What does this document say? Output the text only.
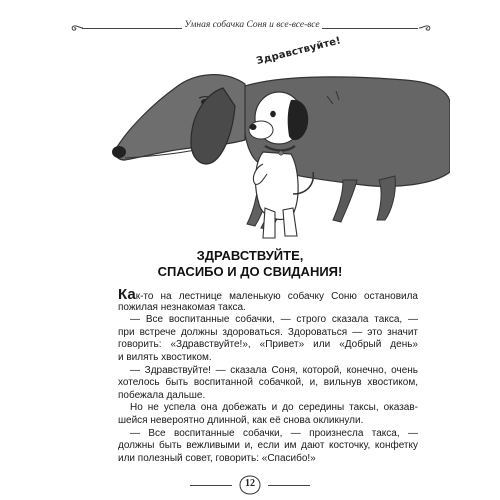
Умная собачка Соня и все-все-все
Здравствуйте!
ЗДРАВСТВУЙТЕ,
СПАСИБО И ДО СВИДАНИЯ!
Как-то на лестнице маленькую собачку Соню остановила
пожилая незнакомая такса.
— Все воспитанные собачки, — строго сказала такса, —
при встрече должны здороваться. Здороваться — это значит
говорить: «Здравствуйте!», «Привет» или «Добрый день»
и вилять хвостиком.
— Здравствуйте! — сказала Соня, которой, конечно, очень
хотелось быть воспитанной собачкой, и, вильнув хвостиком,
побежала дальше.
Но не успела она добежать и до середины таксы, оказав-
шейся невероятно длинной, как её снова окликнули.
— Все воспитанные собачки, — произнесла такса, —
должны быть вежливыми и, если им дают косточку, конфетку
или полезный совет, говорить: «Спасибо!»
12
